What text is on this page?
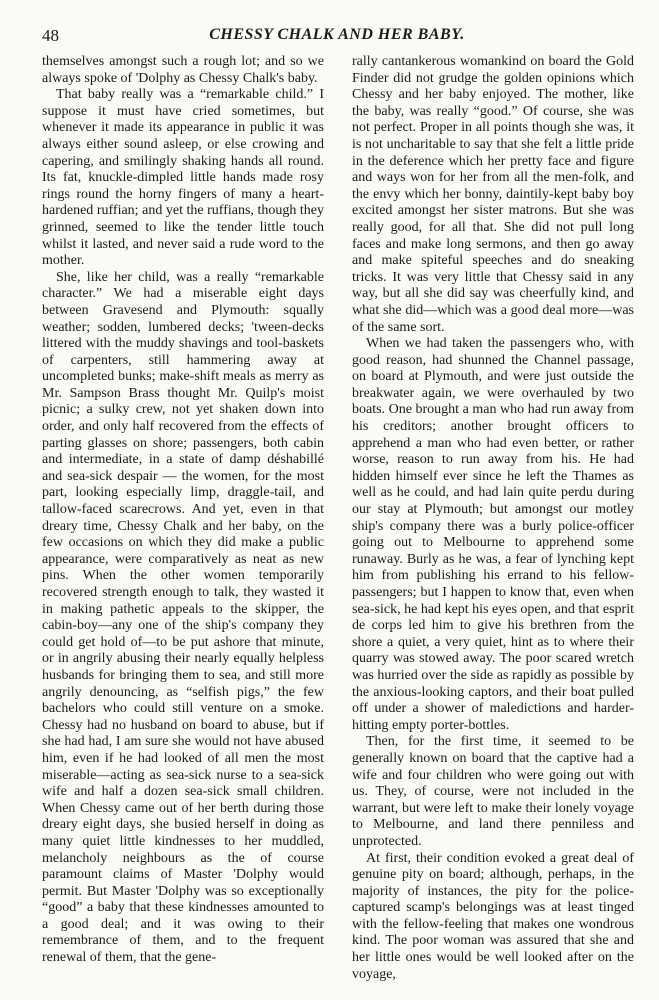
48	CHESSY CHALK AND HER BABY.

themselves amongst such a rough lot; and so we always spoke of 'Dolphy as Chessy Chalk's baby.

That baby really was a “remarkable child.” I suppose it must have cried sometimes, but whenever it made its appearance in public it was always either sound asleep, or else crowing and capering, and smilingly shaking hands all round. Its fat, knuckle-dimpled little hands made rosy rings round the horny fingers of many a heart-hardened ruffian; and yet the ruffians, though they grinned, seemed to like the tender little touch whilst it lasted, and never said a rude word to the mother.

She, like her child, was a really “remarkable character.” We had a miserable eight days between Gravesend and Plymouth: squally weather; sodden, lumbered decks; 'tween-decks littered with the muddy shavings and tool-baskets of carpenters, still hammering away at uncompleted bunks; make-shift meals as merry as Mr. Sampson Brass thought Mr. Quilp's moist picnic; a sulky crew, not yet shaken down into order, and only half recovered from the effects of parting glasses on shore; passengers, both cabin and intermediate, in a state of damp déshabillé and sea-sick despair — the women, for the most part, looking especially limp, draggle-tail, and tallow-faced scarecrows. And yet, even in that dreary time, Chessy Chalk and her baby, on the few occasions on which they did make a public appearance, were comparatively as neat as new pins. When the other women temporarily recovered strength enough to talk, they wasted it in making pathetic appeals to the skipper, the cabin-boy—any one of the ship's company they could get hold of—to be put ashore that minute, or in angrily abusing their nearly equally helpless husbands for bringing them to sea, and still more angrily denouncing, as “selfish pigs,” the few bachelors who could still venture on a smoke. Chessy had no husband on board to abuse, but if she had had, I am sure she would not have abused him, even if he had looked of all men the most miserable—acting as sea-sick nurse to a sea-sick wife and half a dozen sea-sick small children. When Chessy came out of her berth during those dreary eight days, she busied herself in doing as many quiet little kindnesses to her muddled, melancholy neighbours as the of course paramount claims of Master 'Dolphy would permit. But Master 'Dolphy was so exceptionally “good” a baby that these kindnesses amounted to a good deal; and it was owing to their remembrance of them, and to the frequent renewal of them, that the gene-

rally cantankerous womankind on board the Gold Finder did not grudge the golden opinions which Chessy and her baby enjoyed. The mother, like the baby, was really “good.” Of course, she was not perfect. Proper in all points though she was, it is not uncharitable to say that she felt a little pride in the deference which her pretty face and figure and ways won for her from all the men-folk, and the envy which her bonny, daintily-kept baby boy excited amongst her sister matrons. But she was really good, for all that. She did not pull long faces and make long sermons, and then go away and make spiteful speeches and do sneaking tricks. It was very little that Chessy said in any way, but all she did say was cheerfully kind, and what she did—which was a good deal more—was of the same sort.

When we had taken the passengers who, with good reason, had shunned the Channel passage, on board at Plymouth, and were just outside the breakwater again, we were overhauled by two boats. One brought a man who had run away from his creditors; another brought officers to apprehend a man who had even better, or rather worse, reason to run away from his. He had hidden himself ever since he left the Thames as well as he could, and had lain quite perdu during our stay at Plymouth; but amongst our motley ship's company there was a burly police-officer going out to Melbourne to apprehend some runaway. Burly as he was, a fear of lynching kept him from publishing his errand to his fellow-passengers; but I happen to know that, even when sea-sick, he had kept his eyes open, and that esprit de corps led him to give his brethren from the shore a quiet, a very quiet, hint as to where their quarry was stowed away. The poor scared wretch was hurried over the side as rapidly as possible by the anxious-looking captors, and their boat pulled off under a shower of maledictions and harder-hitting empty porter-bottles.

Then, for the first time, it seemed to be generally known on board that the captive had a wife and four children who were going out with us. They, of course, were not included in the warrant, but were left to make their lonely voyage to Melbourne, and land there penniless and unprotected.

At first, their condition evoked a great deal of genuine pity on board; although, perhaps, in the majority of instances, the pity for the police-captured scamp's belongings was at least tinged with the fellow-feeling that makes one wondrous kind. The poor woman was assured that she and her little ones would be well looked after on the voyage,
